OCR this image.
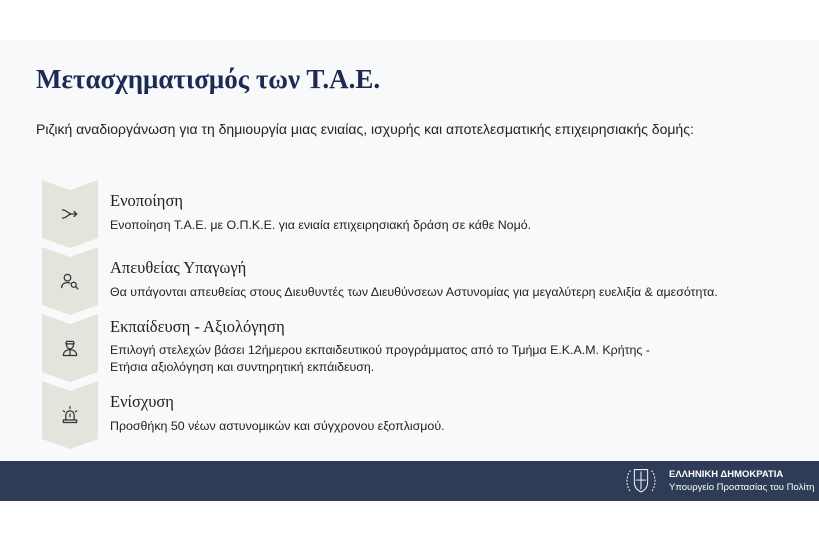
Μετασχηματισμός των Τ.Α.Ε.
Ριζική αναδιοργάνωση για τη δημιουργία μιας ενιαίας, ισχυρής και αποτελεσματικής επιχειρησιακής δομής:
Ενοποίηση
Ενοποίηση Τ.Α.Ε. με Ο.Π.Κ.Ε. για ενιαία επιχειρησιακή δράση σε κάθε Νομό.
Απευθείας Υπαγωγή
Θα υπάγονται απευθείας στους Διευθυντές των Διευθύνσεων Αστυνομίας για μεγαλύτερη ευελιξία & αμεσότητα.
Εκπαίδευση - Αξιολόγηση
Επιλογή στελεχών βάσει 12ήμερου εκπαιδευτικού προγράμματος από το Τμήμα Ε.Κ.Α.Μ. Κρήτης -
Ετήσια αξιολόγηση και συντηρητική εκπάιδευση.
Ενίσχυση
Προσθήκη 50 νέων αστυνομικών και σύγχρονου εξοπλισμού.
ΕΛΛΗΝΙΚΗ ΔΗΜΟΚΡΑΤΙΑ
Υπουργείο Προστασίας του Πολίτη
